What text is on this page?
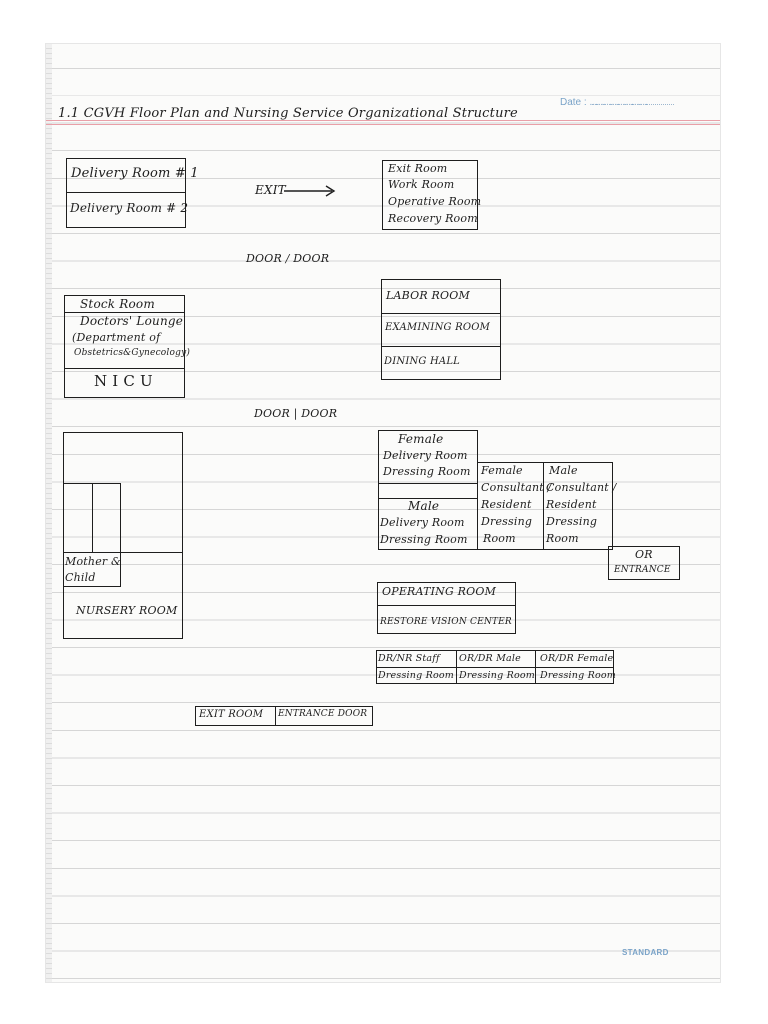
Date : .....................
1.1 CGVH Floor Plan and Nursing Service Organizational Structure
Delivery Room # 1
Delivery Room # 2
EXIT
Exit Room
Work Room
Operative Room
Recovery Room
DOOR / DOOR
Stock Room
Doctors' Lounge
(Department of
Obstetrics&Gynecology)
N I C U
LABOR ROOM
EXAMINING ROOM
DINING HALL
DOOR | DOOR
Mother &
Child
NURSERY ROOM
Female
Delivery Room
Dressing Room
Male
Delivery Room
Dressing Room
Female
Consultant /
Resident
Dressing
Room
Male
Consultant /
Resident
Dressing
Room
OR
ENTRANCE
OPERATING ROOM
RESTORE VISION CENTER
DR/NR Staff
Dressing Room
OR/DR Male
Dressing Room
OR/DR Female
Dressing Room
EXIT ROOM ENTRANCE DOOR
STANDARD
